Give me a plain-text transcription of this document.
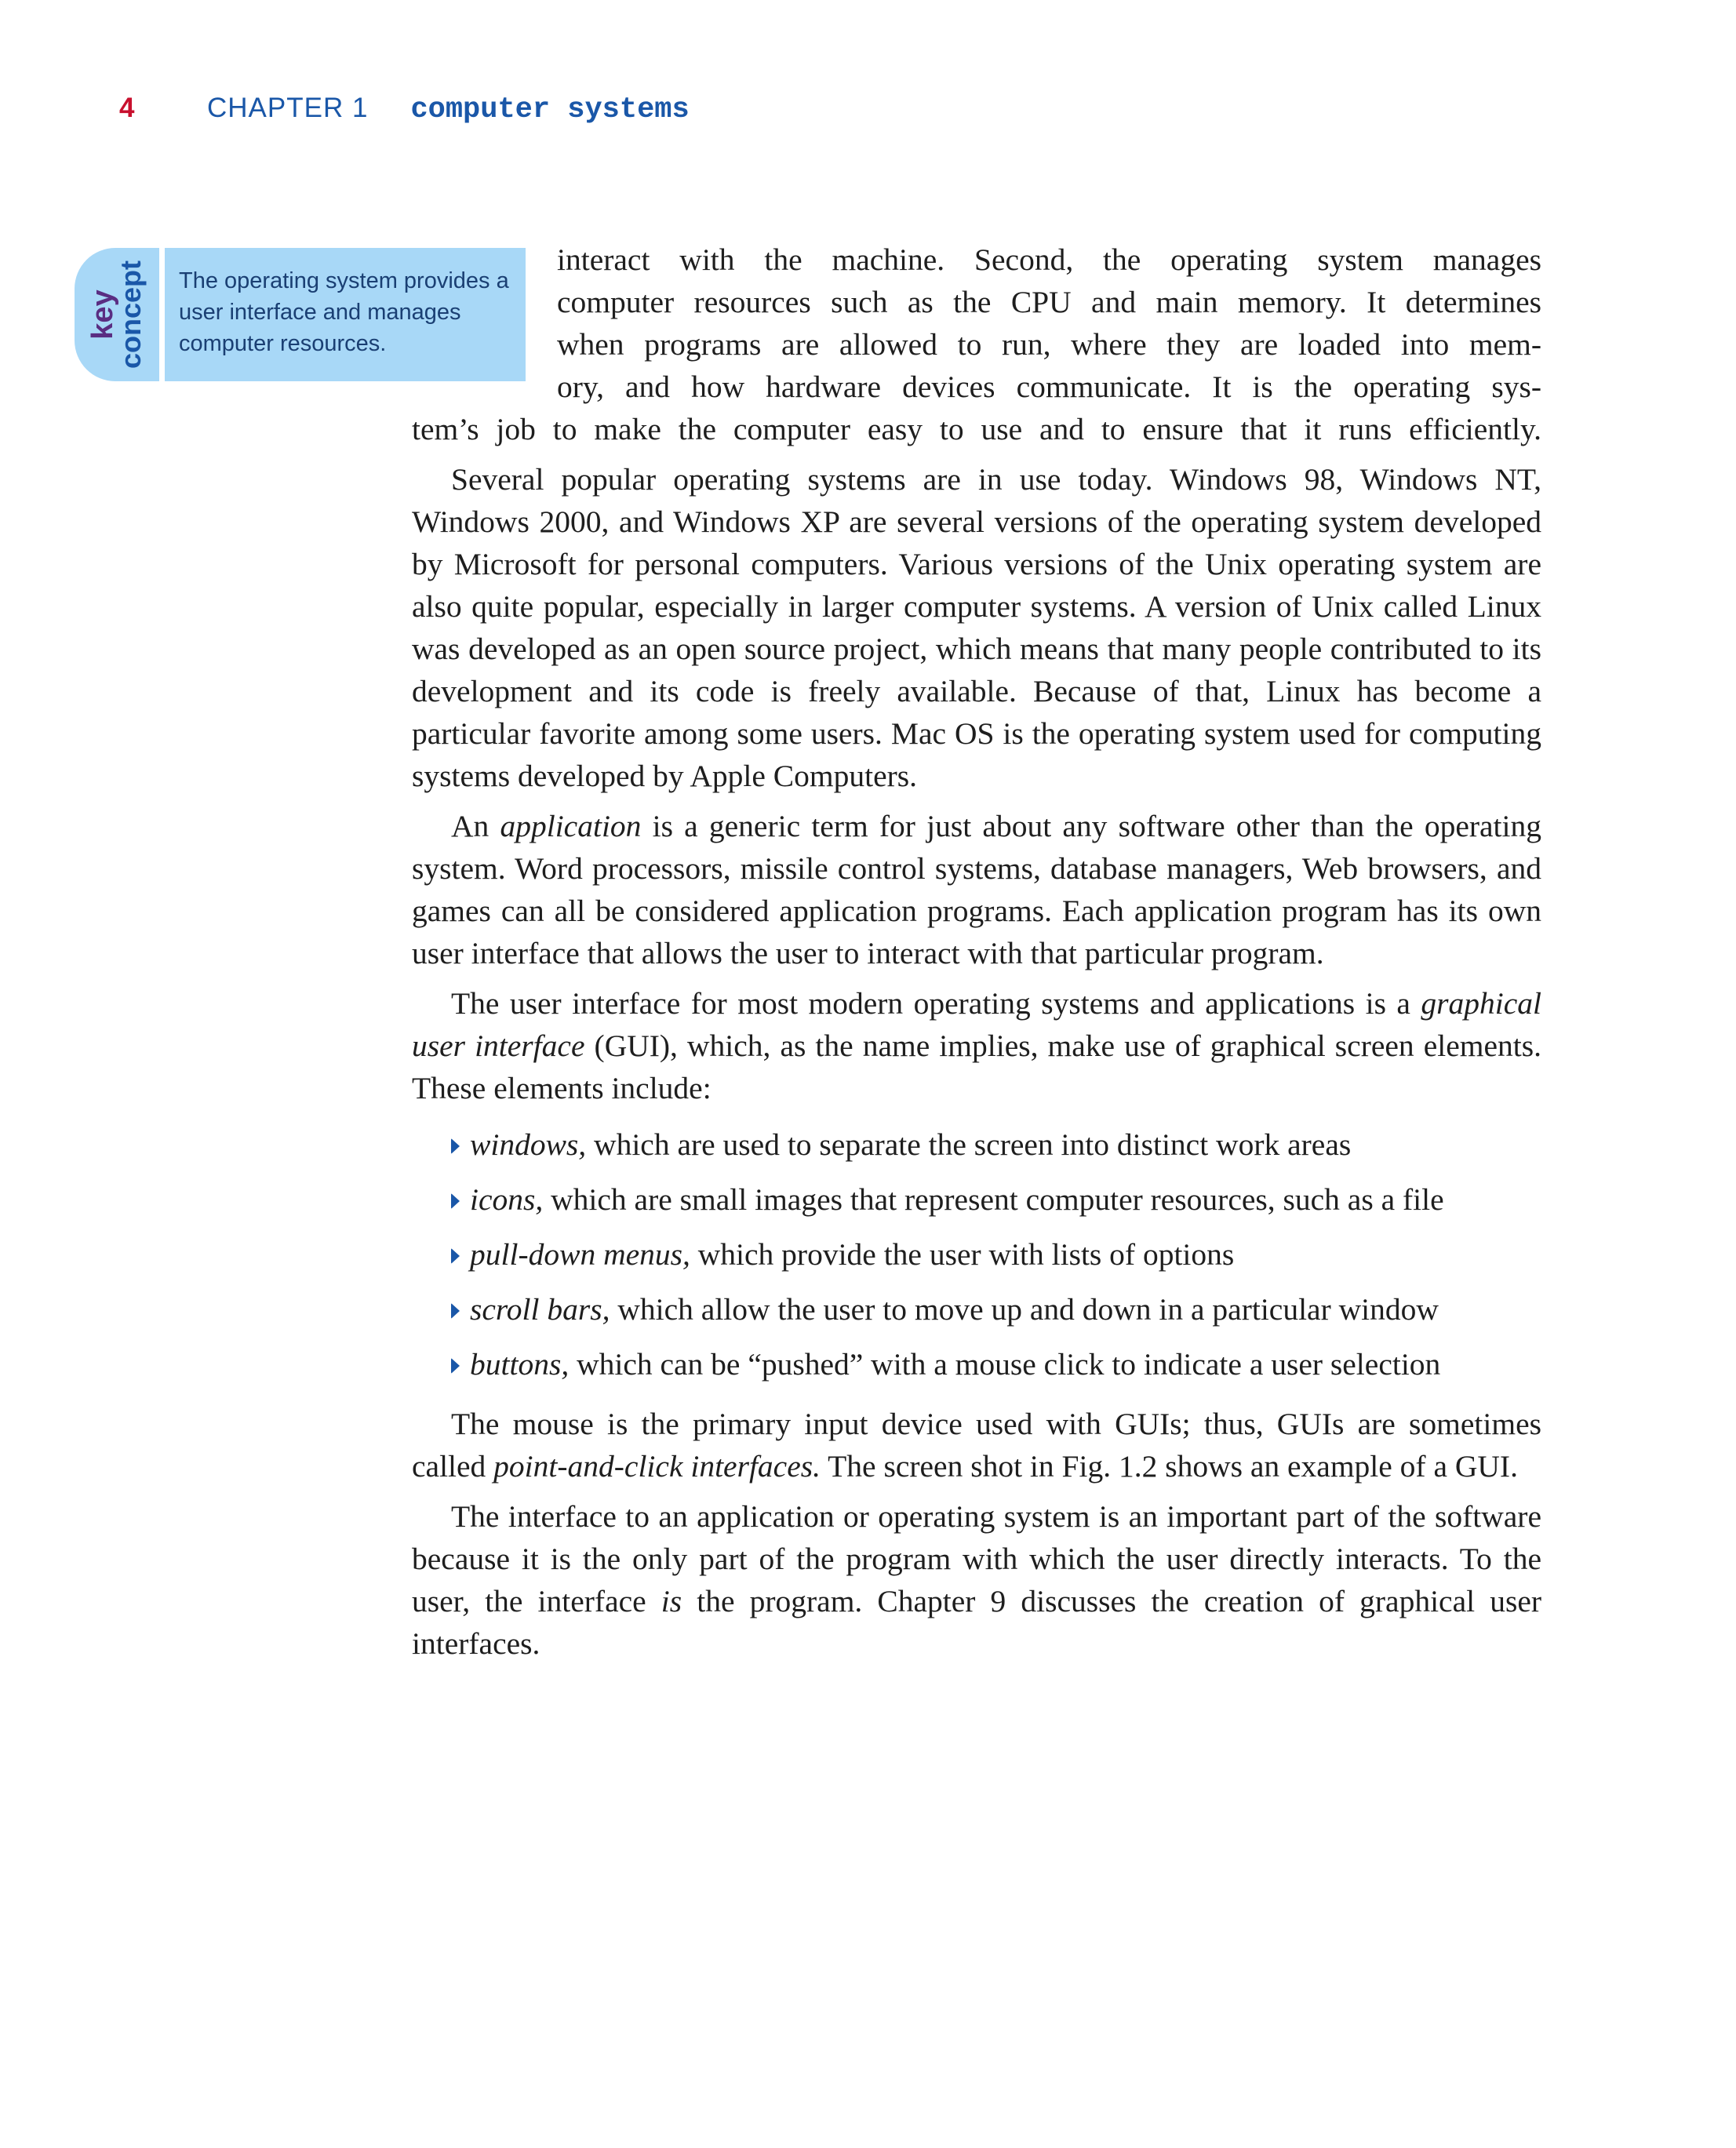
4	CHAPTER 1 computer systems
key
concept	The operating system provides a user interface and manages computer resources.
interact with the machine. Second, the operating system manages
computer resources such as the CPU and main memory. It determines
when programs are allowed to run, where they are loaded into mem-
ory, and how hardware devices communicate. It is the operating sys-
tem’s job to make the computer easy to use and to ensure that it runs efficiently.

Several popular operating systems are in use today. Windows 98, Windows NT, Windows 2000, and Windows XP are several versions of the operating system developed by Microsoft for personal computers. Various versions of the Unix operating system are also quite popular, especially in larger computer systems. A version of Unix called Linux was developed as an open source project, which means that many people contributed to its development and its code is freely available. Because of that, Linux has become a particular favorite among some users. Mac OS is the operating system used for computing systems developed by Apple Computers.

An application is a generic term for just about any software other than the operating system. Word processors, missile control systems, database managers, Web browsers, and games can all be considered application programs. Each application program has its own user interface that allows the user to interact with that particular program.

The user interface for most modern operating systems and applications is a graphical user interface (GUI), which, as the name implies, make use of graphical screen elements. These elements include:

windows, which are used to separate the screen into distinct work areas
icons, which are small images that represent computer resources, such as a file
pull-down menus, which provide the user with lists of options
scroll bars, which allow the user to move up and down in a particular window
buttons, which can be “pushed” with a mouse click to indicate a user selection

The mouse is the primary input device used with GUIs; thus, GUIs are sometimes called point-and-click interfaces. The screen shot in Fig. 1.2 shows an example of a GUI.

The interface to an application or operating system is an important part of the software because it is the only part of the program with which the user directly interacts. To the user, the interface is the program. Chapter 9 discusses the creation of graphical user interfaces.
